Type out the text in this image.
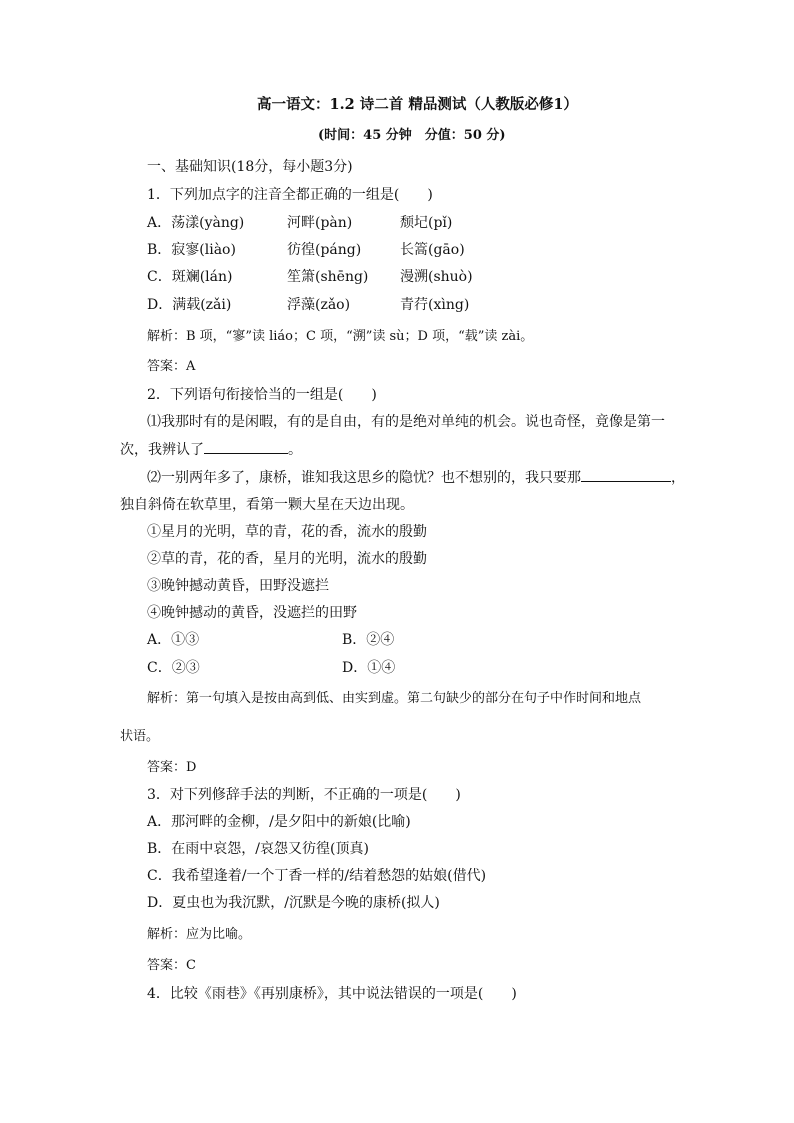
高一语文：1.2 诗二首 精品测试（人教版必修1）
(时间：45 分钟　分值：50 分)
一、基础知识(18分，每小题3分)
1．下列加点字的注音全都正确的一组是(　　)
A．荡漾(yàng)	河畔(pàn)	颓圮(pǐ)
B．寂寥(liào)	彷徨(páng)	长篙(gāo)
C．斑斓(lán)	笙箫(shēng) 漫溯(shuò)
D．满载(zǎi)	浮藻(zǎo)	青荇(xìng)
解析：B 项，“寥”读 liáo；C 项，“溯”读 sù；D 项，“载”读 zài。
答案：A
2．下列语句衔接恰当的一组是(　　)
⑴我那时有的是闲暇，有的是自由，有的是绝对单纯的机会。说也奇怪，竟像是第一
次，我辨认了	。
⑵一别两年多了，康桥，谁知我这思乡的隐忧？也不想别的，我只要那	，
独自斜倚在软草里，看第一颗大星在天边出现。
①星月的光明，草的青，花的香，流水的殷勤
②草的青，花的香，星月的光明，流水的殷勤
③晚钟撼动黄昏，田野没遮拦
④晚钟撼动的黄昏，没遮拦的田野
A．①③	B．②④
C．②③	D．①④
解析：第一句填入是按由高到低、由实到虚。第二句缺少的部分在句子中作时间和地点
状语。
答案：D
3．对下列修辞手法的判断，不正确的一项是(　　)
A．那河畔的金柳，/是夕阳中的新娘(比喻)
B．在雨中哀怨，/哀怨又彷徨(顶真)
C．我希望逢着/一个丁香一样的/结着愁怨的姑娘(借代)
D．夏虫也为我沉默，/沉默是今晚的康桥(拟人)
解析：应为比喻。
答案：C
4．比较《雨巷》《再别康桥》，其中说法错误的一项是(　　)
